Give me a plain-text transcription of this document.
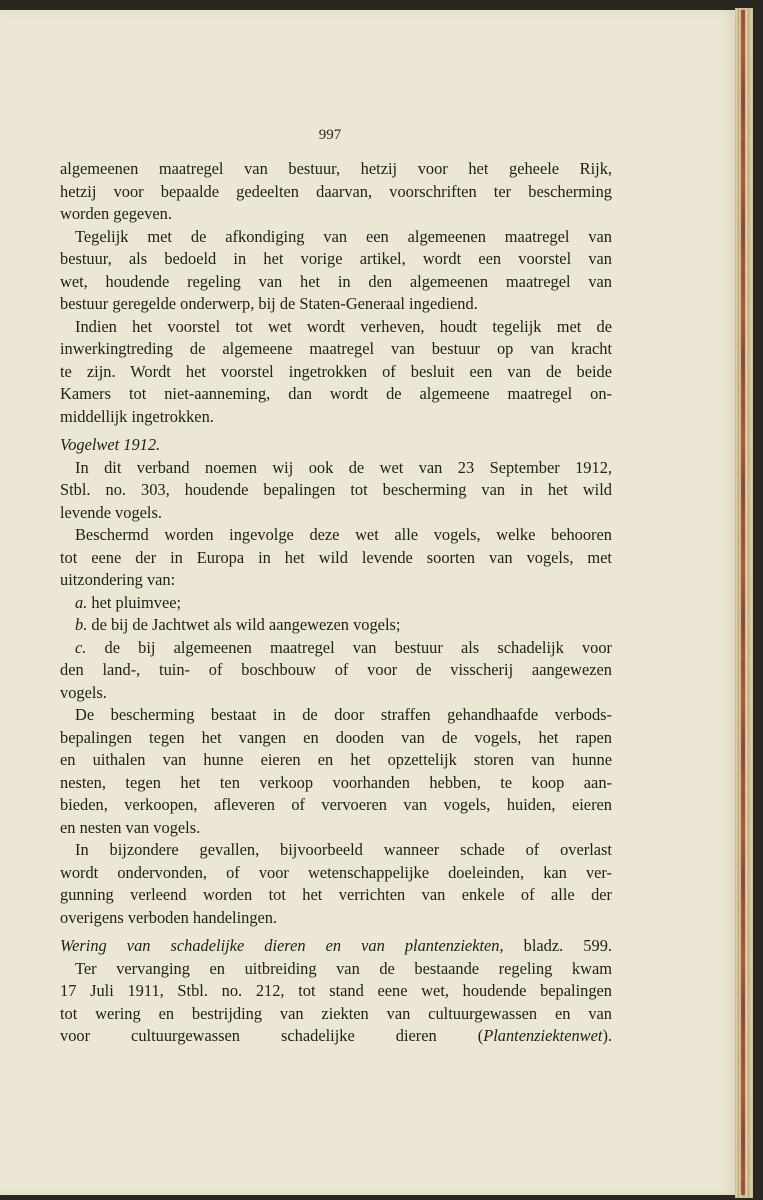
997
algemeenen maatregel van bestuur, hetzij voor het geheele Rijk,
hetzij voor bepaalde gedeelten daarvan, voorschriften ter bescherming
worden gegeven.
Tegelijk met de afkondiging van een algemeenen maatregel van
bestuur, als bedoeld in het vorige artikel, wordt een voorstel van
wet, houdende regeling van het in den algemeenen maatregel van
bestuur geregelde onderwerp, bij de Staten-Generaal ingediend.
Indien het voorstel tot wet wordt verheven, houdt tegelijk met de
inwerkingtreding de algemeene maatregel van bestuur op van kracht
te zijn. Wordt het voorstel ingetrokken of besluit een van de beide
Kamers tot niet-aanneming, dan wordt de algemeene maatregel on-
middellijk ingetrokken.
Vogelwet 1912.
In dit verband noemen wij ook de wet van 23 September 1912,
Stbl. no. 303, houdende bepalingen tot bescherming van in het wild
levende vogels.
Beschermd worden ingevolge deze wet alle vogels, welke behooren
tot eene der in Europa in het wild levende soorten van vogels, met
uitzondering van:
a. het pluimvee;
b. de bij de Jachtwet als wild aangewezen vogels;
c. de bij algemeenen maatregel van bestuur als schadelijk voor
den land-, tuin- of boschbouw of voor de visscherij aangewezen
vogels.
De bescherming bestaat in de door straffen gehandhaafde verbods-
bepalingen tegen het vangen en dooden van de vogels, het rapen
en uithalen van hunne eieren en het opzettelijk storen van hunne
nesten, tegen het ten verkoop voorhanden hebben, te koop aan-
bieden, verkoopen, afleveren of vervoeren van vogels, huiden, eieren
en nesten van vogels.
In bijzondere gevallen, bijvoorbeeld wanneer schade of overlast
wordt ondervonden, of voor wetenschappelijke doeleinden, kan ver-
gunning verleend worden tot het verrichten van enkele of alle der
overigens verboden handelingen.
Wering van schadelijke dieren en van plantenziekten, bladz. 599.
Ter vervanging en uitbreiding van de bestaande regeling kwam
17 Juli 1911, Stbl. no. 212, tot stand eene wet, houdende bepalingen
tot wering en bestrijding van ziekten van cultuurgewassen en van
voor cultuurgewassen schadelijke dieren (Plantenziektenwet).
